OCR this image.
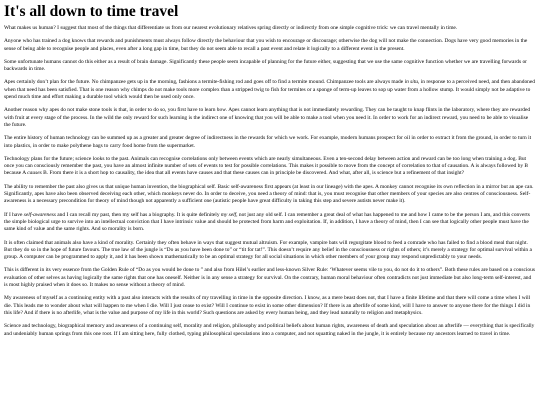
It's all down to time travel

What makes us human? I suggest that most of the things that differentiate us from our nearest evolutionary relatives spring directly or indirectly from one simple cognitive trick: we can travel mentally in time.

Anyone who has trained a dog knows that rewards and punishments must always follow directly the behaviour that you wish to encourage or discourage; otherwise the dog will not make the connection. Dogs have very good memories in the sense of being able to recognise people and places, even after a long gap in time, but they do not seem able to recall a past event and relate it logically to a different event in the present.

Some unfortunate humans cannot do this either as a result of brain damage. Significantly these people seem incapable of planning for the future either, suggesting that we use the same cognitive function whether we are travelling forwards or backwards in time.

Apes certainly don’t plan for the future. No chimpanzee gets up in the morning, fashions a termite-fishing rod and goes off to find a termite mound. Chimpanzee tools are always made in situ, in response to a perceived need, and then abandoned when that need has been satisfied. That is one reason why chimps do not make tools more complex than a stripped twig to fish for termites or a sponge of term-up leaves to sop up water from a hollow stump. It would simply not be adaptive to spend much time and effort making a durable tool which would then be used only once.

Another reason why apes do not make stone tools is that, in order to do so, you first have to learn how. Apes cannot learn anything that is not immediately rewarding. They can be taught to knap flints in the laboratory, where they are rewarded with fruit at every stage of the process. In the wild the only reward for such learning is the indirect one of knowing that you will be able to make a tool when you need it. In order to work for an indirect reward, you need to be able to visualise the future.

The entire history of human technology can be summed up as a greater and greater degree of indirectness in the rewards for which we work. For example, modern humans prospect for oil in order to extract it from the ground, in order to turn it into plastics, in order to make polythene bags to carry food home from the supermarket.

Technology plans for the future; science looks to the past. Animals can recognise correlations only between events which are nearly simultaneous. Even a ten-second delay between action and reward can be too long when training a dog. But once you can consciously remember the past, you have an almost infinite number of sets of events to test for possible correlations. This makes it possible to move from the concept of correlation to that of causation. A is always followed by B because A causes B. From there it is a short hop to causality, the idea that all events have causes and that these causes can in principle be discovered. And what, after all, is science but a refinement of that insight?

The ability to remember the past also gives us that unique human invention, the biographical self. Basic self-awareness first appears (at least in our lineage) with the apes. A monkey cannot recognise its own reflection in a mirror but an ape can. Significantly, apes have also been observed deceiving each other, which monkeys never do. In order to deceive, you need a theory of mind: that is, you must recognise that other members of your species are also centres of consciousness. Self-awareness is a necessary precondition for theory of mind though not apparently a sufficient one (autistic people have great difficulty in taking this step and severe autists never make it).

If I have self-awareness and I can recall my past, then my self has a biography. It is quite definitely my self, not just any old self. I can remember a great deal of what has happened to me and how I came to be the person I am, and this converts the simple biological urge to survive into an intellectual conviction that I have intrinsic value and should be protected from harm and exploitation. If, in addition, I have a theory of mind, then I can see that logically other people must have the same kind of value and the same rights. And so morality is born.

It is often claimed that animals also have a kind of morality. Certainly they often behave in ways that suggest mutual altruism. For example, vampire bats will regurgitate blood to feed a comrade who has failed to find a blood meal that night. But they do so in the hope of future favours. The true law of the jungle is “Do as you have been done to” or “tit for tat!”. This doesn’t require any belief in the consciousness or rights of others; it’s merely a strategy for optimal survival within a group. A computer can be programmed to apply it, and it has been shown mathematically to be an optimal strategy for all social situations in which other members of your group may respond unpredictably to your needs.

This is different in its very essence from the Golden Rule of “Do as you would be done to ” and also from Hilel’s earlier and less-known Silver Rule: ‘Whatever seems vile to you, do not do it to others”. Both these rules are based on a conscious evaluation of other selves as having logically the same rights that one has oneself. Neither is in any sense a strategy for survival. On the contrary, human moral behaviour often contradicts not just immediate but also long-term self-interest, and is most highly praised when it does so. It makes no sense without a theory of mind.

My awareness of myself as a continuing entity with a past also interacts with the results of my travelling in time in the opposite direction. I know, as a mere beast does not, that I have a finite lifetime and that there will come a time when I will die. This leads me to wonder about what will happen to me when I die. Will I just cease to exist? Will I continue to exist in some other dimension? If there is an afterlife of some kind, will I have to answer to anyone there for the things I did in this life? And if there is no afterlife, what is the value and purpose of my life in this world? Such questions are asked by every human being, and they lead naturally to religion and metaphysics.

Science and technology, biographical memory and awareness of a continuing self, morality and religion, philosophy and political beliefs about human rights, awareness of death and speculation about an afterlife — everything that is specifically and undeniably human springs from this one root. If I am sitting here, fully clothed, typing philosophical speculations into a computer, and not squatting naked in the jungle, it is entirely because my ancestors learned to travel in time.
